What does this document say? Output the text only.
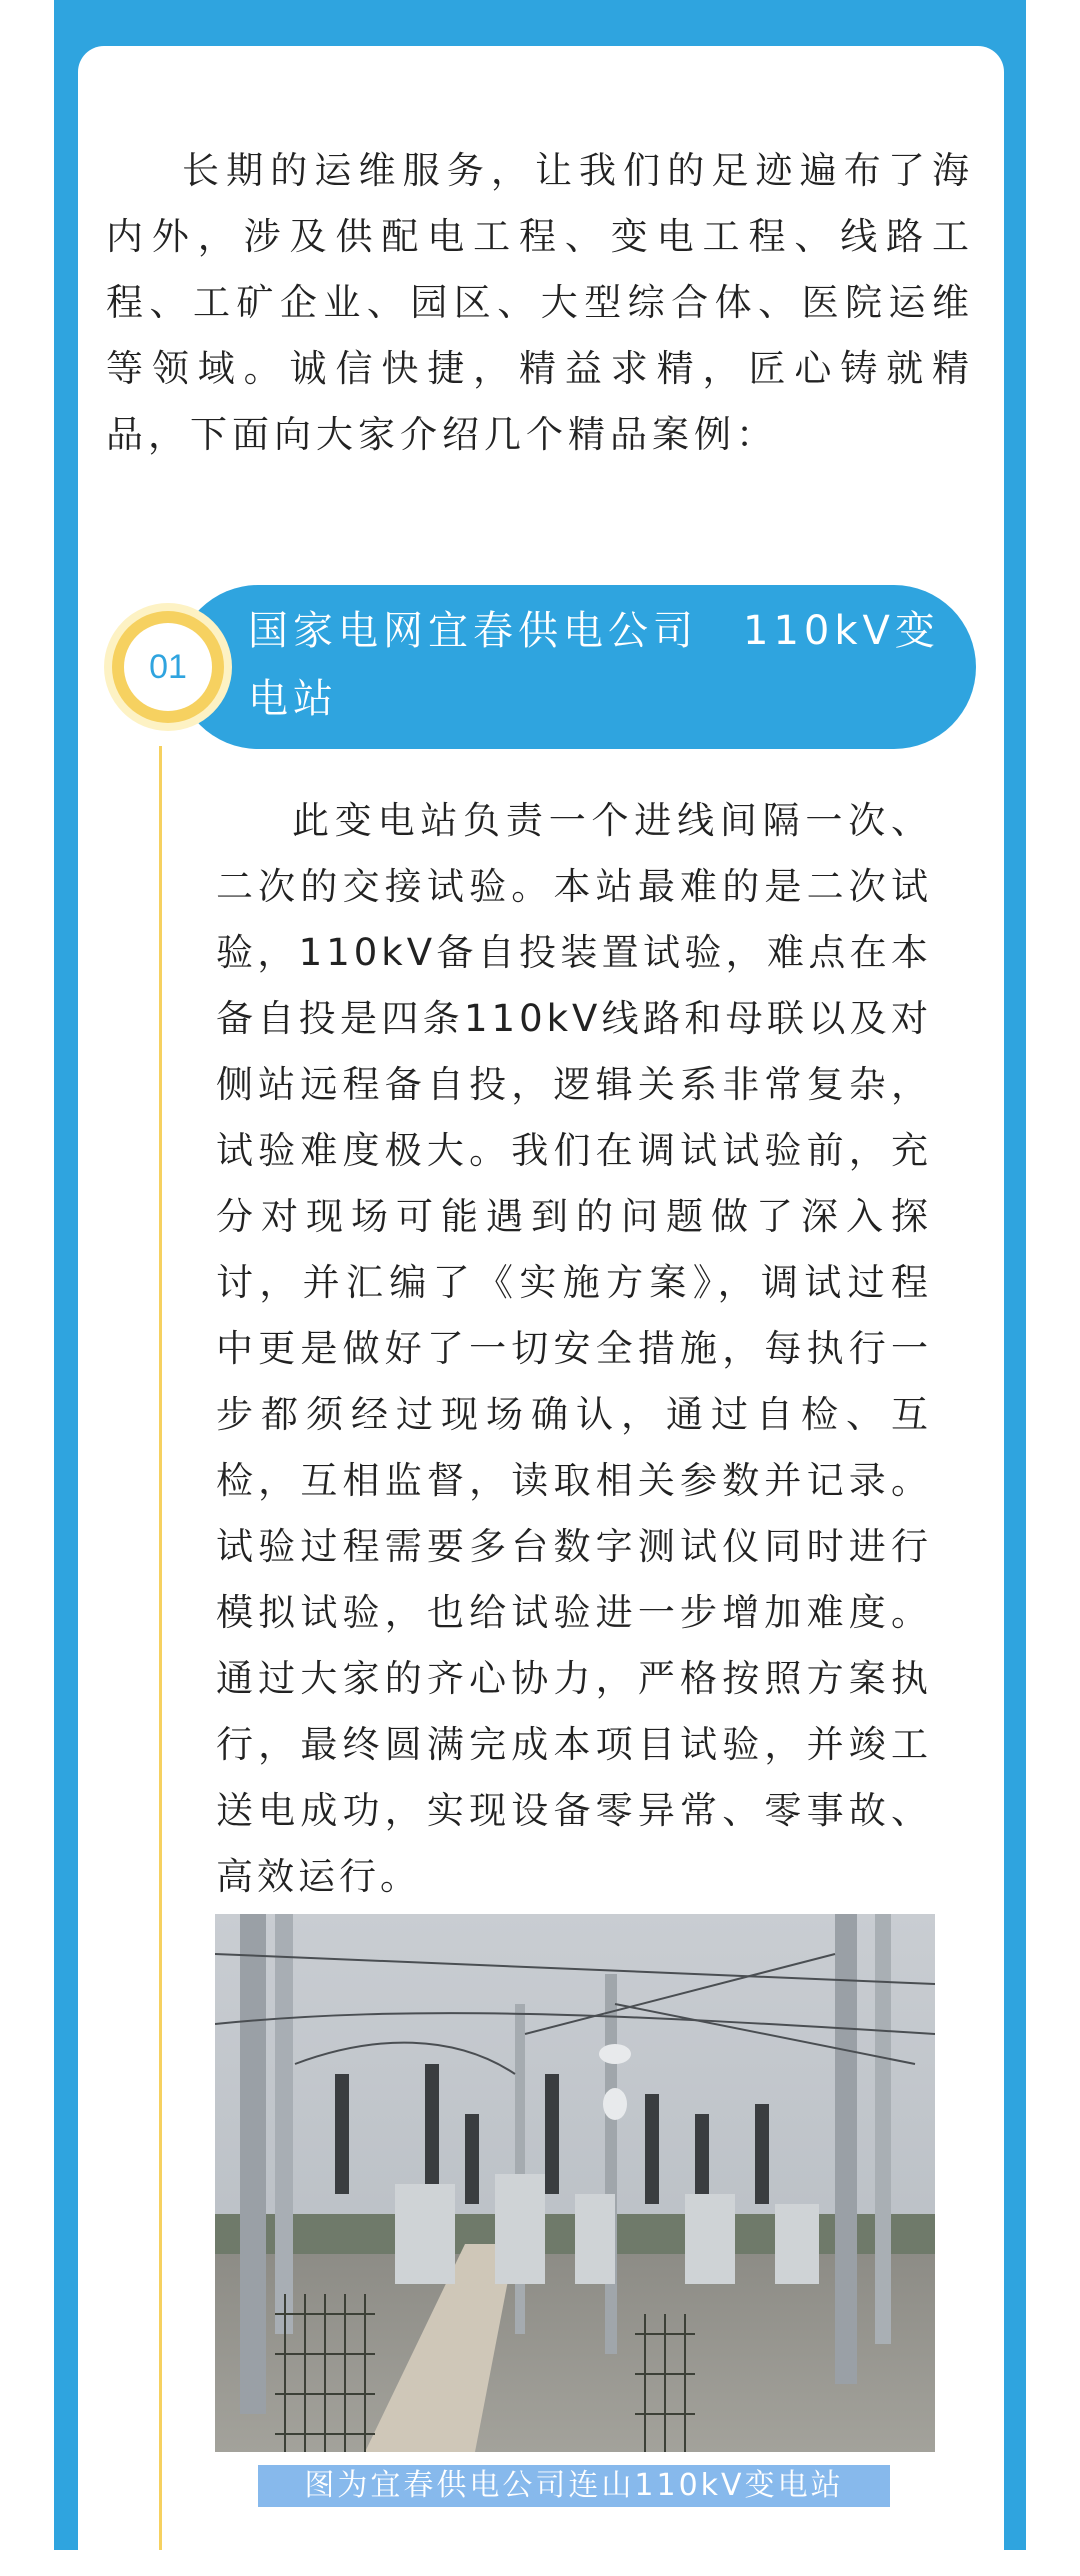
长期的运维服务，让我们的足迹遍布了海内外，涉及供配电工程、变电工程、线路工程、工矿企业、园区、大型综合体、医院运维等领域。诚信快捷，精益求精，匠心铸就精品，下面向大家介绍几个精品案例：

国家电网宜春供电公司　110kV变电站
01

此变电站负责一个进线间隔一次、二次的交接试验。本站最难的是二次试验，110kV备自投装置试验，难点在本备自投是四条110kV线路和母联以及对侧站远程备自投，逻辑关系非常复杂，试验难度极大。我们在调试试验前，充分对现场可能遇到的问题做了深入探讨，并汇编了《实施方案》，调试过程中更是做好了一切安全措施，每执行一步都须经过现场确认，通过自检、互检，互相监督，读取相关参数并记录。试验过程需要多台数字测试仪同时进行模拟试验，也给试验进一步增加难度。通过大家的齐心协力，严格按照方案执行，最终圆满完成本项目试验，并竣工送电成功，实现设备零异常、零事故、高效运行。

图为宜春供电公司连山110kV变电站
